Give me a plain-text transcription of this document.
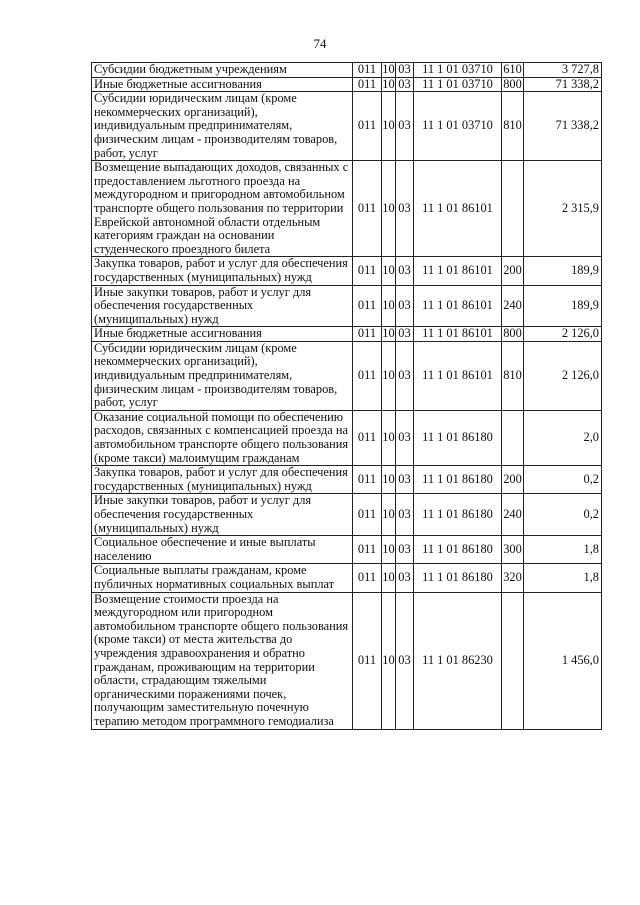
74
Субсидии бюджетным учреждениям	011	10	03	11 1 01 03710	610	3 727,8
Иные бюджетные ассигнования	011	10	03	11 1 01 03710	800	71 338,2
Субсидии юридическим лицам (кроме некоммерческих организаций), индивидуальным предпринимателям, физическим лицам - производителям товаров, работ, услуг	011	10	03	11 1 01 03710	810	71 338,2
Возмещение выпадающих доходов, связанных с предоставлением льготного проезда на междугородном и пригородном автомобильном транспорте общего пользования по территории Еврейской автономной области отдельным категориям граждан на основании студенческого проездного билета	011	10	03	11 1 01 86101		2 315,9
Закупка товаров, работ и услуг для обеспечения государственных (муниципальных) нужд	011	10	03	11 1 01 86101	200	189,9
Иные закупки товаров, работ и услуг для обеспечения государственных (муниципальных) нужд	011	10	03	11 1 01 86101	240	189,9
Иные бюджетные ассигнования	011	10	03	11 1 01 86101	800	2 126,0
Субсидии юридическим лицам (кроме некоммерческих организаций), индивидуальным предпринимателям, физическим лицам - производителям товаров, работ, услуг	011	10	03	11 1 01 86101	810	2 126,0
Оказание социальной помощи по обеспечению расходов, связанных с компенсацией проезда на автомобильном транспорте общего пользования (кроме такси) малоимущим гражданам	011	10	03	11 1 01 86180		2,0
Закупка товаров, работ и услуг для обеспечения государственных (муниципальных) нужд	011	10	03	11 1 01 86180	200	0,2
Иные закупки товаров, работ и услуг для обеспечения государственных (муниципальных) нужд	011	10	03	11 1 01 86180	240	0,2
Социальное обеспечение и иные выплаты населению	011	10	03	11 1 01 86180	300	1,8
Социальные выплаты гражданам, кроме публичных нормативных социальных выплат	011	10	03	11 1 01 86180	320	1,8
Возмещение стоимости проезда на междугородном или пригородном автомобильном транспорте общего пользования (кроме такси) от места жительства до учреждения здравоохранения и обратно гражданам, проживающим на территории области, страдающим тяжелыми органическими поражениями почек, получающим заместительную почечную терапию методом программного гемодиализа	011	10	03	11 1 01 86230		1 456,0
